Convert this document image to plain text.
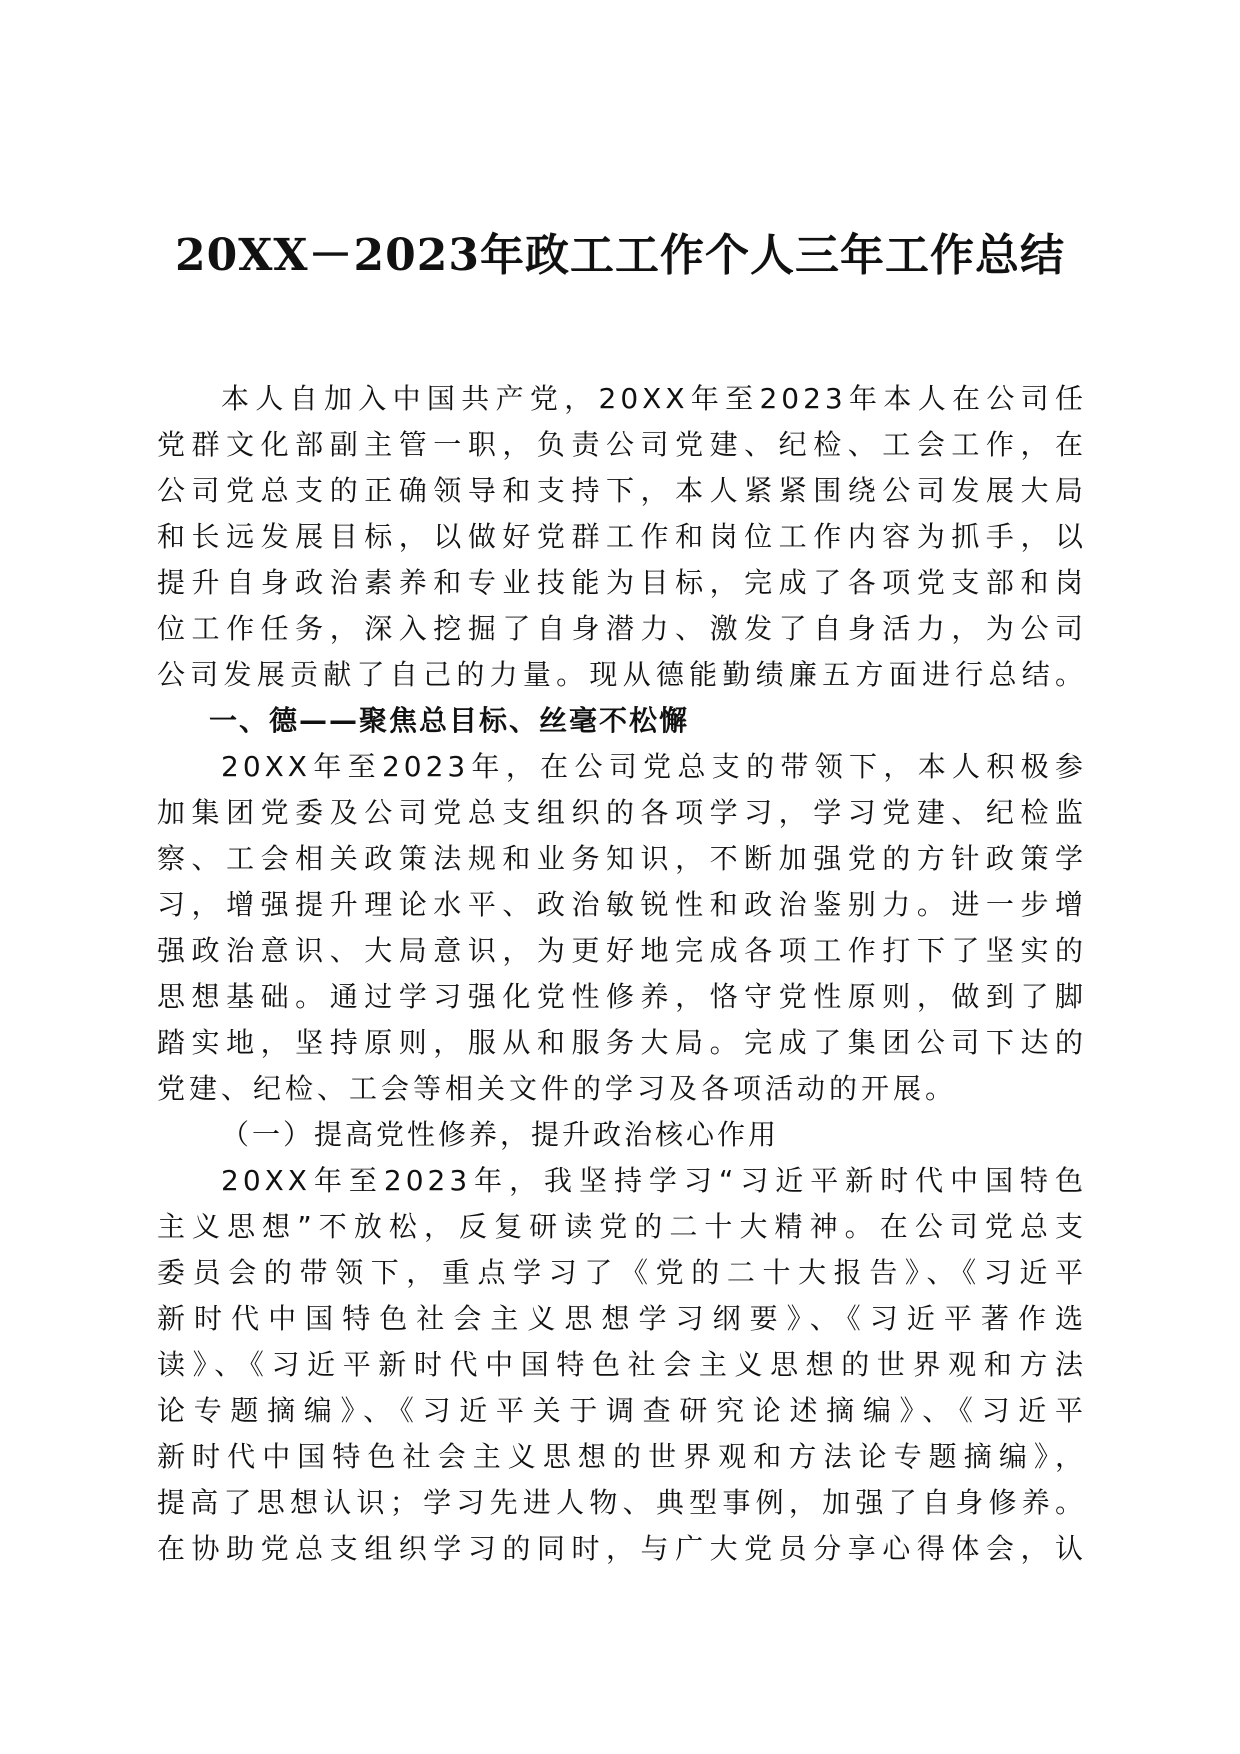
20XX－2023年政工工作个人三年工作总结

本人自加入中国共产党，20XX年至2023年本人在公司任

党群文化部副主管一职，负责公司党建、纪检、工会工作，在

公司党总支的正确领导和支持下，本人紧紧围绕公司发展大局

和长远发展目标，以做好党群工作和岗位工作内容为抓手，以

提升自身政治素养和专业技能为目标，完成了各项党支部和岗

位工作任务，深入挖掘了自身潜力、激发了自身活力，为公司

公司发展贡献了自己的力量。现从德能勤绩廉五方面进行总结。

一、德——聚焦总目标、丝毫不松懈

20XX年至2023年，在公司党总支的带领下，本人积极参

加集团党委及公司党总支组织的各项学习，学习党建、纪检监

察、工会相关政策法规和业务知识，不断加强党的方针政策学

习，增强提升理论水平、政治敏锐性和政治鉴别力。进一步增

强政治意识、大局意识，为更好地完成各项工作打下了坚实的

思想基础。通过学习强化党性修养，恪守党性原则，做到了脚

踏实地，坚持原则，服从和服务大局。完成了集团公司下达的

党建、纪检、工会等相关文件的学习及各项活动的开展。

（一）提高党性修养，提升政治核心作用

20XX年至2023年，我坚持学习“习近平新时代中国特色

主义思想”不放松，反复研读党的二十大精神。在公司党总支

委员会的带领下，重点学习了《党的二十大报告》、《习近平

新时代中国特色社会主义思想学习纲要》、《习近平著作选

读》、《习近平新时代中国特色社会主义思想的世界观和方法

论专题摘编》、《习近平关于调查研究论述摘编》、《习近平

新时代中国特色社会主义思想的世界观和方法论专题摘编》，

提高了思想认识；学习先进人物、典型事例，加强了自身修养。

在协助党总支组织学习的同时，与广大党员分享心得体会，认
